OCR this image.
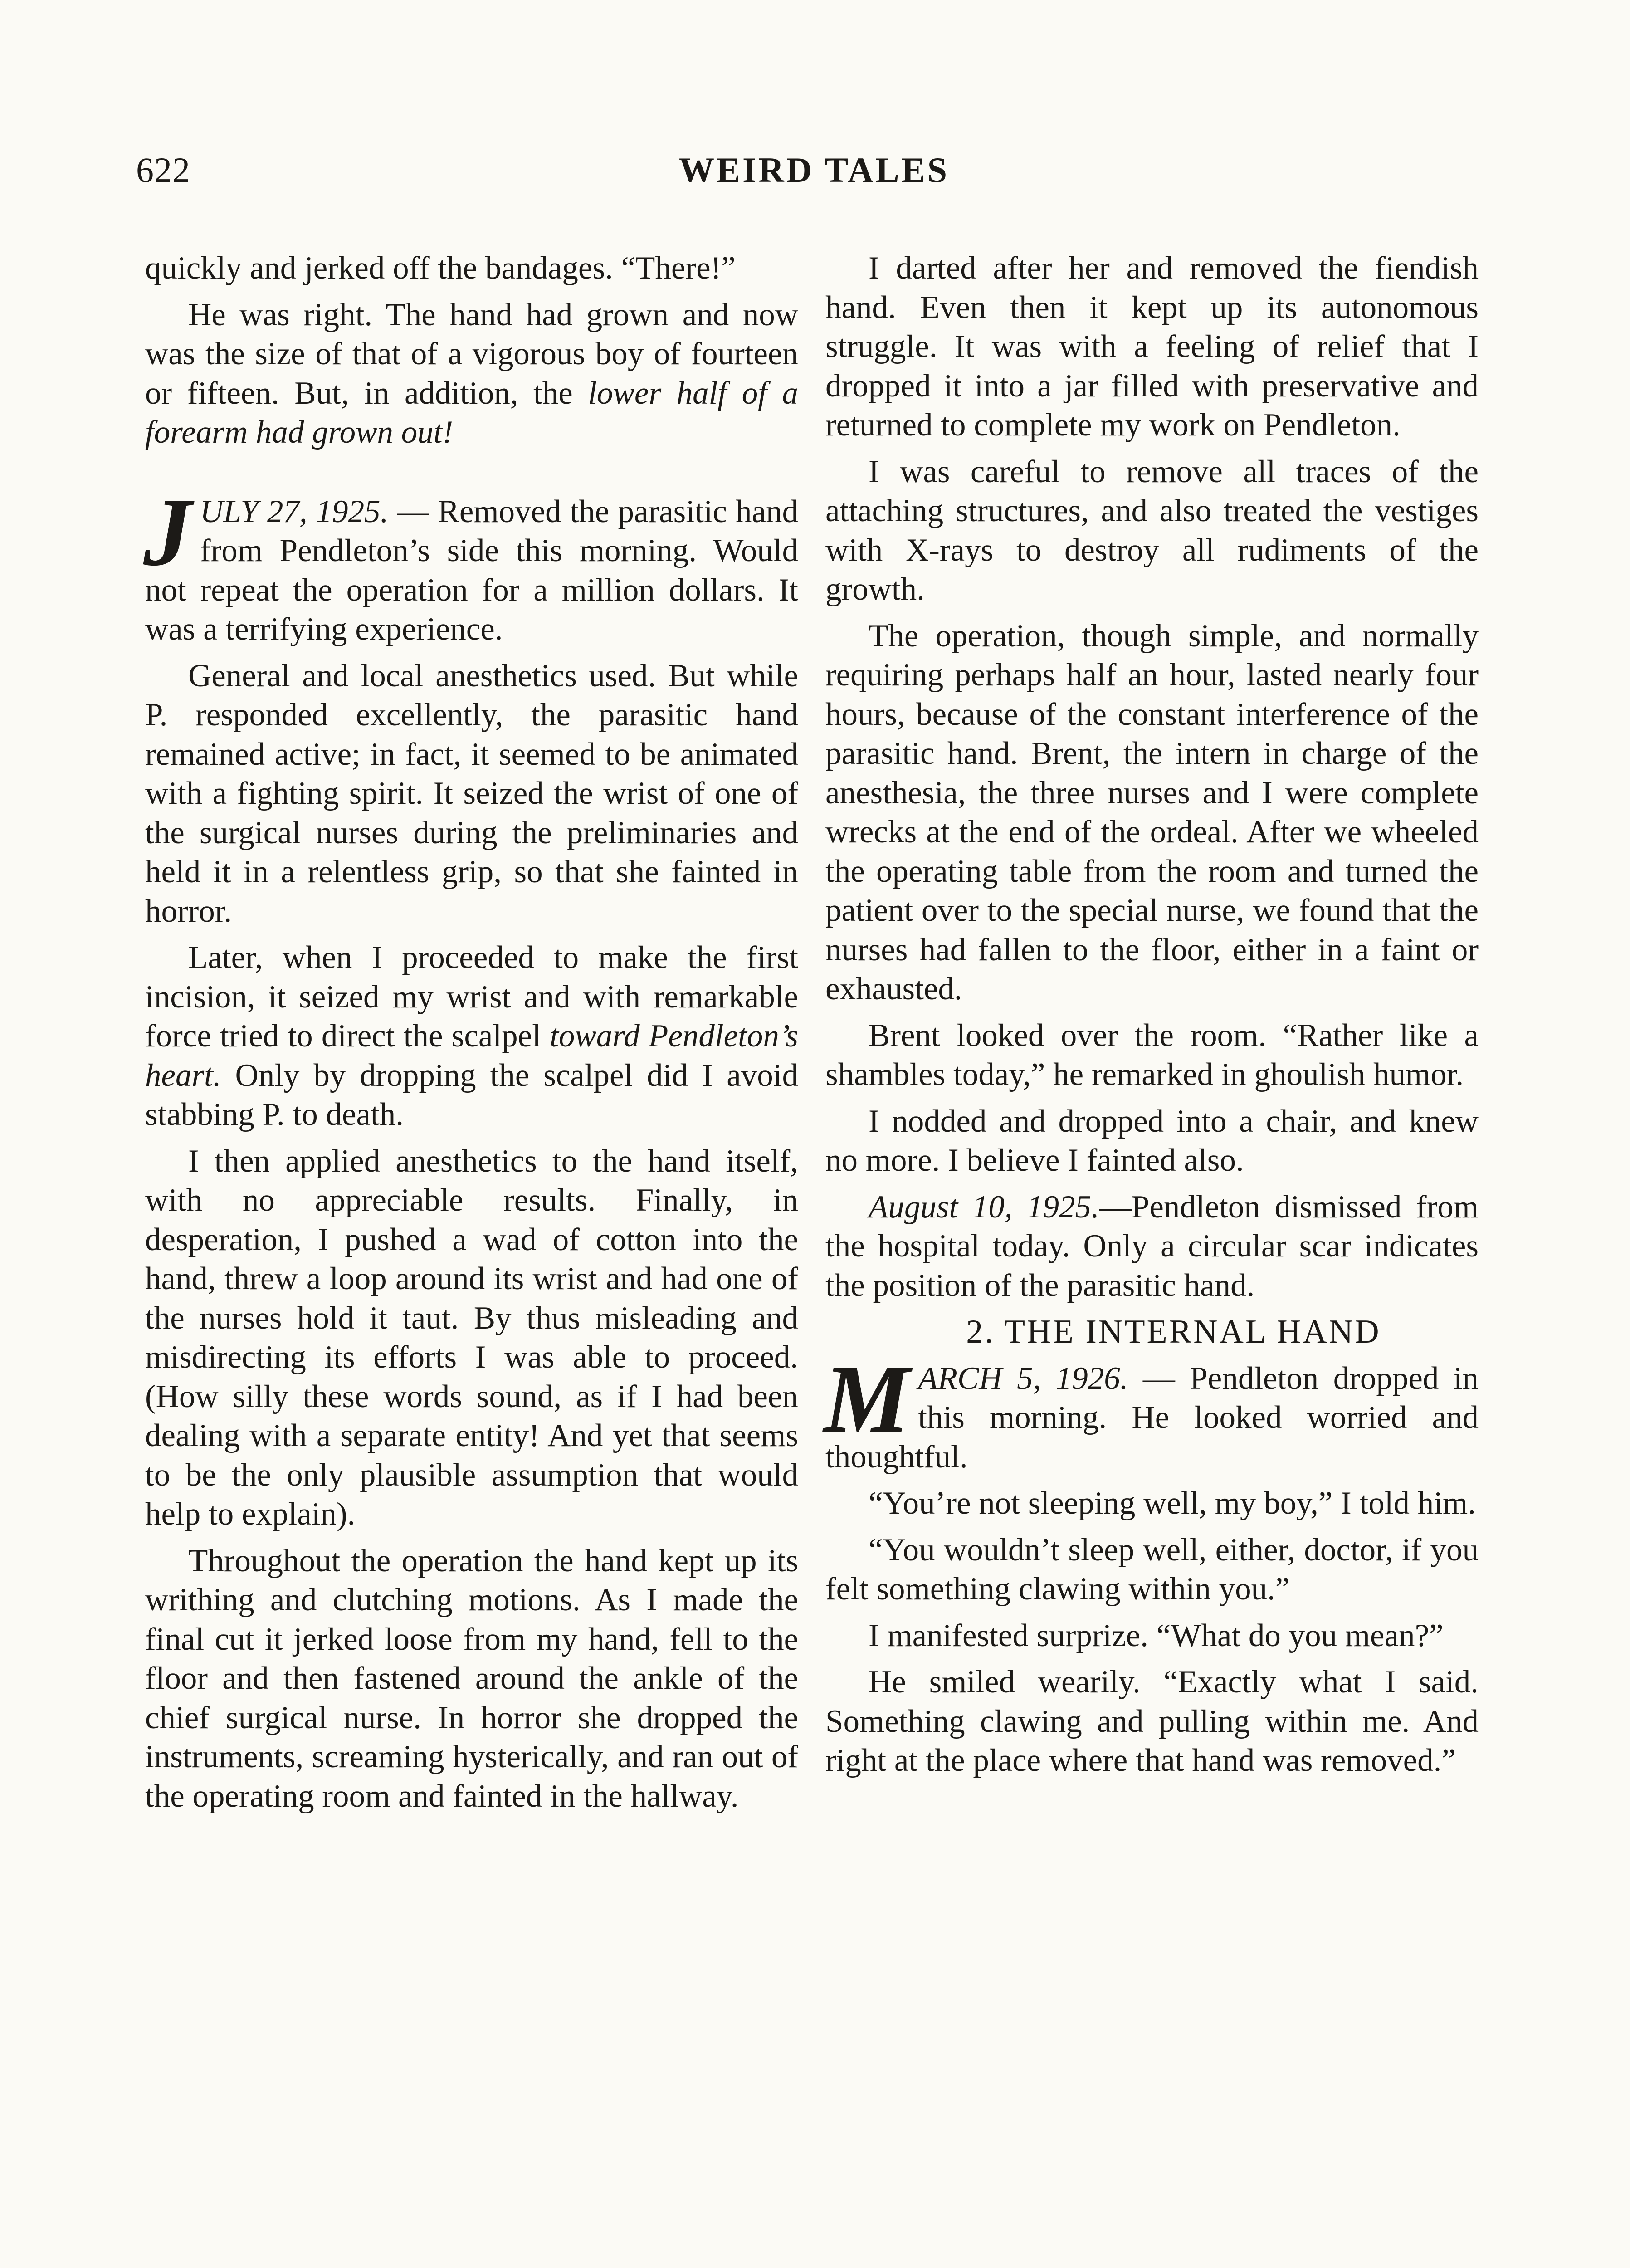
622	WEIRD TALES

quickly and jerked off the bandages. “There!”

He was right. The hand had grown and now was the size of that of a vigorous boy of fourteen or fifteen. But, in addition, the lower half of a forearm had grown out!

JULY 27, 1925. — Removed the parasitic hand from Pendleton’s side this morning. Would not repeat the operation for a million dollars. It was a terrifying experience.

General and local anesthetics used. But while P. responded excellently, the parasitic hand remained active; in fact, it seemed to be animated with a fighting spirit. It seized the wrist of one of the surgical nurses during the preliminaries and held it in a relentless grip, so that she fainted in horror.

Later, when I proceeded to make the first incision, it seized my wrist and with remarkable force tried to direct the scalpel toward Pendleton’s heart. Only by dropping the scalpel did I avoid stabbing P. to death.

I then applied anesthetics to the hand itself, with no appreciable results. Finally, in desperation, I pushed a wad of cotton into the hand, threw a loop around its wrist and had one of the nurses hold it taut. By thus misleading and misdirecting its efforts I was able to proceed. (How silly these words sound, as if I had been dealing with a separate entity! And yet that seems to be the only plausible assumption that would help to explain).

Throughout the operation the hand kept up its writhing and clutching motions. As I made the final cut it jerked loose from my hand, fell to the floor and then fastened around the ankle of the chief surgical nurse. In horror she dropped the instruments, screaming hysterically, and ran out of the operating room and fainted in the hallway.

I darted after her and removed the fiendish hand. Even then it kept up its autonomous struggle. It was with a feeling of relief that I dropped it into a jar filled with preservative and returned to complete my work on Pendleton.

I was careful to remove all traces of the attaching structures, and also treated the vestiges with X-rays to destroy all rudiments of the growth.

The operation, though simple, and normally requiring perhaps half an hour, lasted nearly four hours, because of the constant interference of the parasitic hand. Brent, the intern in charge of the anesthesia, the three nurses and I were complete wrecks at the end of the ordeal. After we wheeled the operating table from the room and turned the patient over to the special nurse, we found that the nurses had fallen to the floor, either in a faint or exhausted.

Brent looked over the room. “Rather like a shambles today,” he remarked in ghoulish humor.

I nodded and dropped into a chair, and knew no more. I believe I fainted also.

August 10, 1925.—Pendleton dismissed from the hospital today. Only a circular scar indicates the position of the parasitic hand.

2. THE INTERNAL HAND

MARCH 5, 1926. — Pendleton dropped in this morning. He looked worried and thoughtful.

“You’re not sleeping well, my boy,” I told him.

“You wouldn’t sleep well, either, doctor, if you felt something clawing within you.”

I manifested surprize. “What do you mean?”

He smiled wearily. “Exactly what I said. Something clawing and pulling within me. And right at the place where that hand was removed.”
